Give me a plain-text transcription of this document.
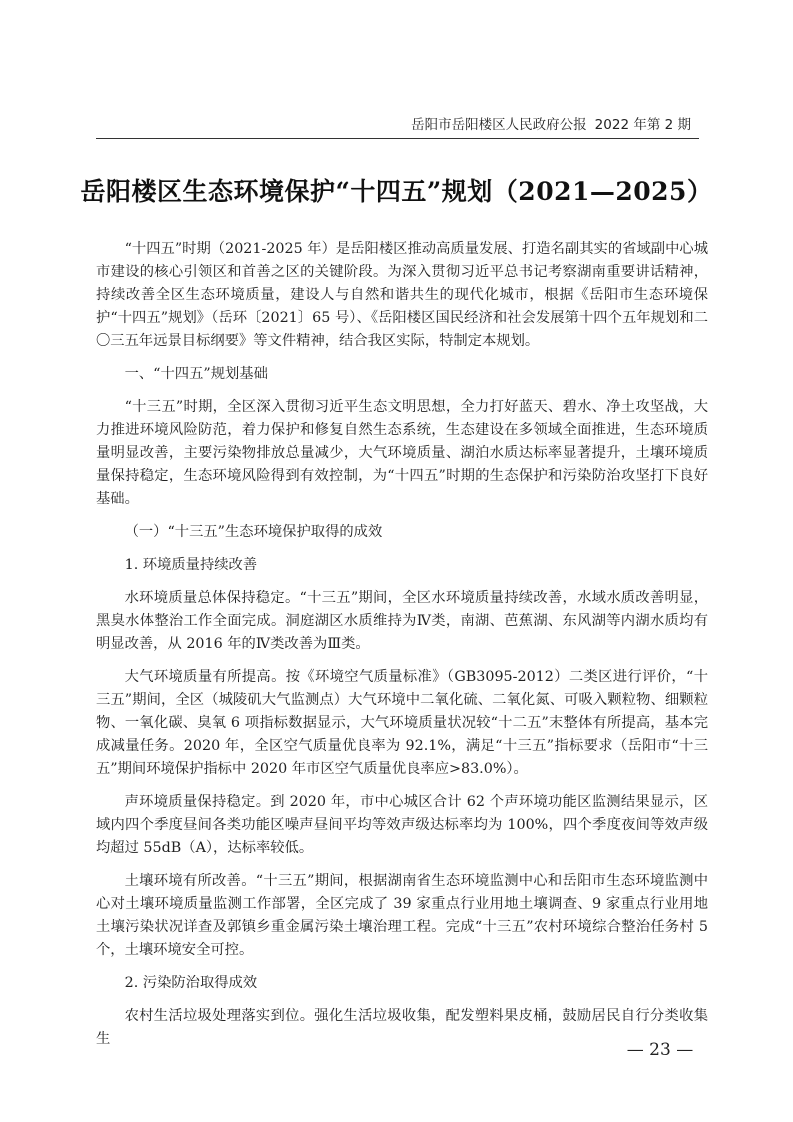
岳阳市岳阳楼区人民政府公报 2022 年第 2 期
岳阳楼区生态环境保护“十四五”规划（2021—2025）

“十四五”时期（2021-2025 年）是岳阳楼区推动高质量发展、打造名副其实的省域副中心城市建设的核心引领区和首善之区的关键阶段。为深入贯彻习近平总书记考察湖南重要讲话精神，持续改善全区生态环境质量，建设人与自然和谐共生的现代化城市，根据《岳阳市生态环境保护“十四五”规划》（岳环〔2021〕65 号）、《岳阳楼区国民经济和社会发展第十四个五年规划和二〇三五年远景目标纲要》等文件精神，结合我区实际，特制定本规划。

一、“十四五”规划基础

“十三五”时期，全区深入贯彻习近平生态文明思想，全力打好蓝天、碧水、净土攻坚战，大力推进环境风险防范，着力保护和修复自然生态系统，生态建设在多领域全面推进，生态环境质量明显改善，主要污染物排放总量减少，大气环境质量、湖泊水质达标率显著提升，土壤环境质量保持稳定，生态环境风险得到有效控制，为“十四五”时期的生态保护和污染防治攻坚打下良好基础。

（一）“十三五”生态环境保护取得的成效

1. 环境质量持续改善

水环境质量总体保持稳定。“十三五”期间，全区水环境质量持续改善，水域水质改善明显，黑臭水体整治工作全面完成。洞庭湖区水质维持为Ⅳ类，南湖、芭蕉湖、东风湖等内湖水质均有明显改善，从 2016 年的Ⅳ类改善为Ⅲ类。

大气环境质量有所提高。按《环境空气质量标准》（GB3095-2012）二类区进行评价，“十三五”期间，全区（城陵矶大气监测点）大气环境中二氧化硫、二氧化氮、可吸入颗粒物、细颗粒物、一氧化碳、臭氧 6 项指标数据显示，大气环境质量状况较“十二五”末整体有所提高，基本完成减量任务。2020 年，全区空气质量优良率为 92.1%，满足“十三五”指标要求（岳阳市“十三五”期间环境保护指标中 2020 年市区空气质量优良率应>83.0%）。

声环境质量保持稳定。到 2020 年，市中心城区合计 62 个声环境功能区监测结果显示，区域内四个季度昼间各类功能区噪声昼间平均等效声级达标率均为 100%，四个季度夜间等效声级均超过 55dB（A），达标率较低。

土壤环境有所改善。“十三五”期间，根据湖南省生态环境监测中心和岳阳市生态环境监测中心对土壤环境质量监测工作部署，全区完成了 39 家重点行业用地土壤调查、9 家重点行业用地土壤污染状况详查及郭镇乡重金属污染土壤治理工程。完成“十三五”农村环境综合整治任务村 5 个，土壤环境安全可控。

2. 污染防治取得成效

农村生活垃圾处理落实到位。强化生活垃圾收集，配发塑料果皮桶，鼓励居民自行分类收集生

— 23 —
